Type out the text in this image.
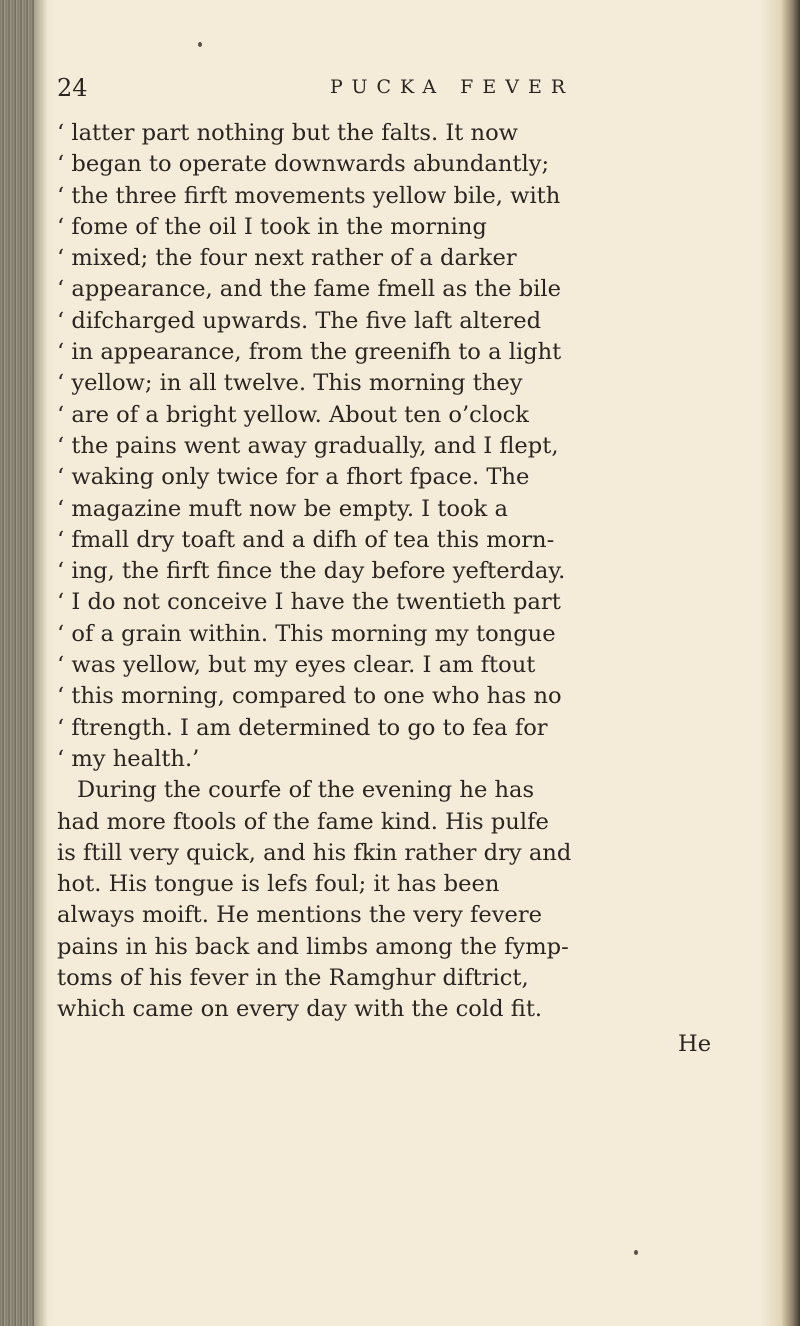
24	PUCKA FEVER
‘ latter part nothing but the falts. It now
‘ began to operate downwards abundantly;
‘ the three firft movements yellow bile, with
‘ fome of the oil I took in the morning
‘ mixed; the four next rather of a darker
‘ appearance, and the fame fmell as the bile
‘ difcharged upwards. The five laft altered
‘ in appearance, from the greenifh to a light
‘ yellow; in all twelve. This morning they
‘ are of a bright yellow. About ten o’clock
‘ the pains went away gradually, and I flept,
‘ waking only twice for a fhort fpace. The
‘ magazine muft now be empty. I took a
‘ fmall dry toaft and a difh of tea this morn-
‘ ing, the firft fince the day before yefterday.
‘ I do not conceive I have the twentieth part
‘ of a grain within. This morning my tongue
‘ was yellow, but my eyes clear. I am ftout
‘ this morning, compared to one who has no
‘ ftrength. I am determined to go to fea for
‘ my health.’
During the courfe of the evening he has
had more ftools of the fame kind. His pulfe
is ftill very quick, and his fkin rather dry and
hot. His tongue is lefs foul; it has been
always moift. He mentions the very fevere
pains in his back and limbs among the fymp-
toms of his fever in the Ramghur diftrict,
which came on every day with the cold fit.
He
